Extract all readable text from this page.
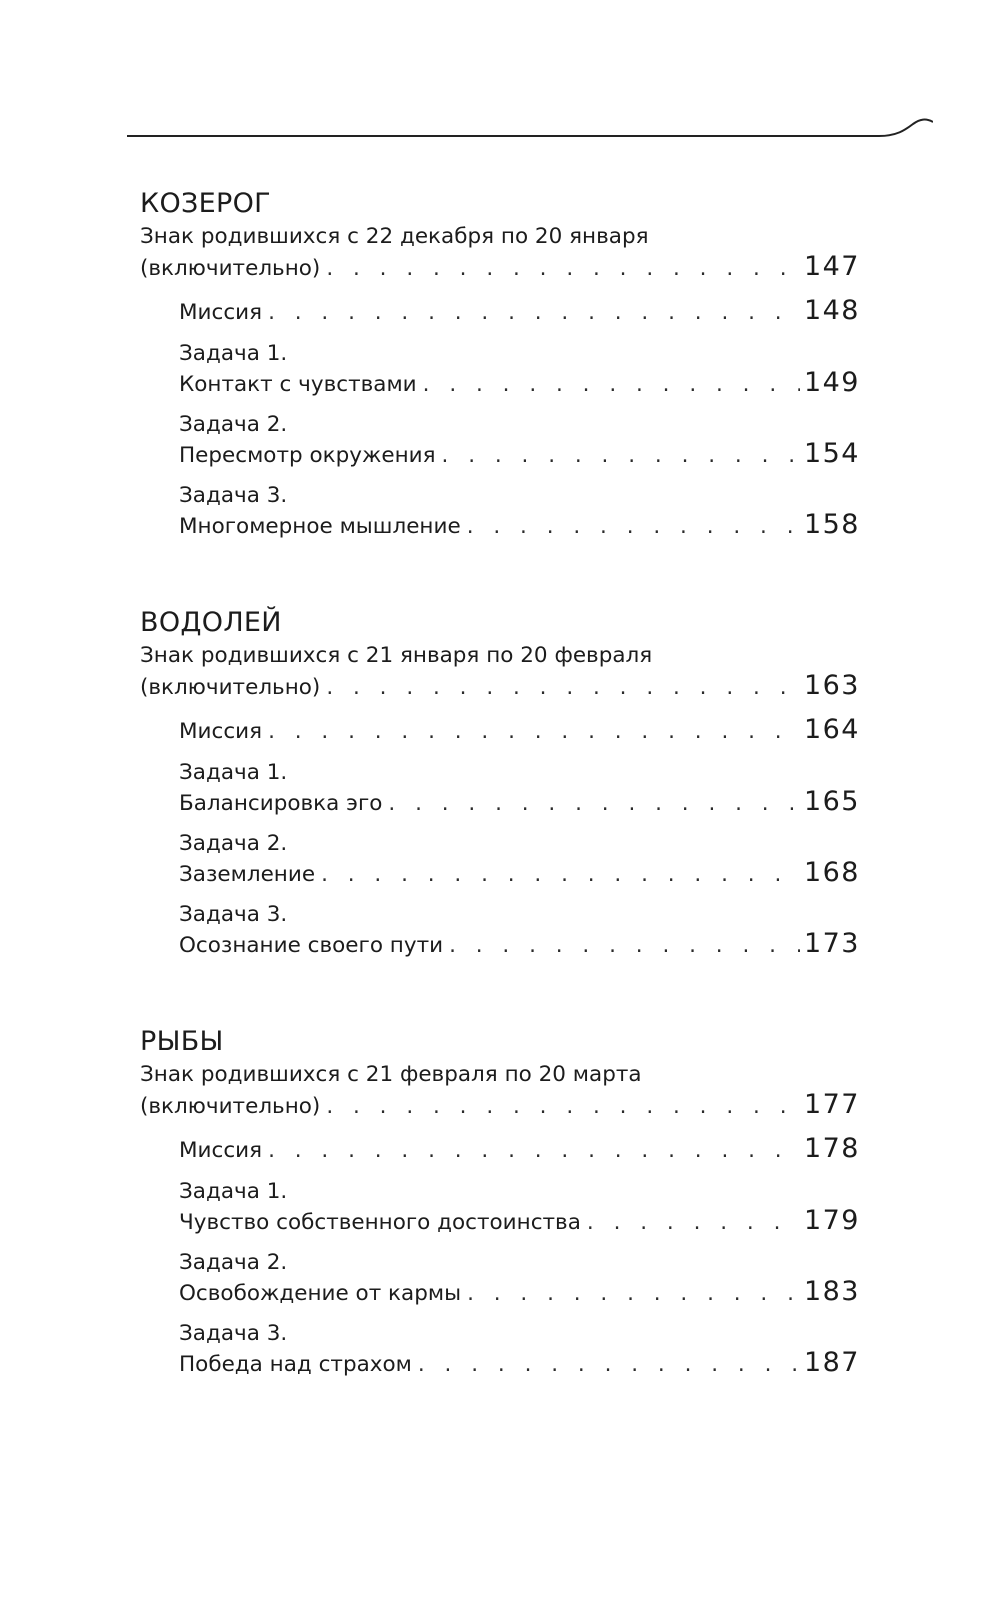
КОЗЕРОГ
Знак родившихся с 22 декабря по 20 января
(включительно) . . .	147
Миссия . . .	148
Задача 1.
Контакт с чувствами . . .	149
Задача 2.
Пересмотр окружения . . .	154
Задача 3.
Многомерное мышление . . .	158
ВОДОЛЕЙ
Знак родившихся с 21 января по 20 февраля
(включительно) . . .	163
Миссия . . .	164
Задача 1.
Балансировка эго . . .	165
Задача 2.
Заземление . . .	168
Задача 3.
Осознание своего пути . . .	173
РЫБЫ
Знак родившихся с 21 февраля по 20 марта
(включительно) . . .	177
Миссия . . .	178
Задача 1.
Чувство собственного достоинства . . .	179
Задача 2.
Освобождение от кармы . . .	183
Задача 3.
Победа над страхом . . .	187
